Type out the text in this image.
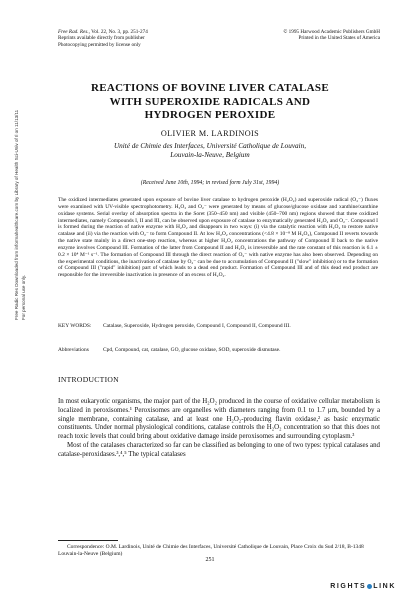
Free Radic Res Downloaded from informahealthcare.com by Library of Health Sci-Univ of Il on 11/13/11 For personal use only.
Free Rad. Res., Vol. 22, No. 3, pp. 251-274
Reprints available directly from publisher
Photocopying permitted by license only
© 1995 Harwood Academic Publishers GmbH
Printed in the United States of America
REACTIONS OF BOVINE LIVER CATALASE
WITH SUPEROXIDE RADICALS AND
HYDROGEN PEROXIDE
OLIVIER M. LARDINOIS
Unité de Chimie des Interfaces, Université Catholique de Louvain,
Louvain-la-Neuve, Belgium
(Received June 10th, 1994; in revised form July 31st, 1994)

The oxidized intermediates generated upon exposure of bovine liver catalase to hydrogen peroxide (H₂O₂) and superoxide radical (O₂⁻) fluxes were examined with UV-visible spectrophotometry. H₂O₂ and O₂⁻ were generated by means of glucose/glucose oxidase and xanthine/xanthine oxidase systems. Serial overlay of absorption spectra in the Soret (350–450 nm) and visible (450–700 nm) regions showed that three oxidized intermediates, namely Compounds I, II and III, can be observed upon exposure of catalase to enzymatically generated H₂O₂ and O₂⁻. Compound I is formed during the reaction of native enzyme with H₂O₂ and disappears in two ways: (i) via the catalytic reaction with H₂O₂ to restore native catalase and (ii) via the reaction with O₂⁻ to form Compound II. At low H₂O₂ concentrations (<4.8 × 10⁻⁸ M H₂O₂), Compound II reverts towards the native state mainly in a direct one-step reaction, whereas at higher H₂O₂ concentrations the pathway of Compound II back to the native enzyme involves Compound III. Formation of the latter from Compound II and H₂O₂ is irreversible and the rate constant of this reaction is 6.1 ± 0.2 × 10⁴ M⁻¹ s⁻¹. The formation of Compound III through the direct reaction of O₂⁻ with native enzyme has also been observed. Depending on the experimental conditions, the inactivation of catalase by O₂⁻ can be due to accumulation of Compound II ("slow" inhibition) or to the formation of Compound III ("rapid" inhibition) part of which leads to a dead end product. Formation of Compound III and of this dead end product are responsible for the irreversible inactivation in presence of an excess of H₂O₂.

KEY WORDS:	Catalase, Superoxide, Hydrogen peroxide, Compound I, Compound II, Compound III.
Abbreviations	Cpd, Compound, cat, catalase, GO, glucose oxidase, SOD, superoxide dismutase.
INTRODUCTION

In most eukaryotic organisms, the major part of the H₂O₂ produced in the course of oxidative cellular metabolism is localized in peroxisomes.¹ Peroxisomes are organelles with diameters ranging from 0.1 to 1.7 μm, bounded by a single membrane, containing catalase, and at least one H₂O₂-producing flavin oxidase,² as basic enzymatic constituents. Under normal physiological conditions, catalase controls the H₂O₂ concentration so that this does not reach toxic levels that could bring about oxidative damage inside peroxisomes and surrounding cytoplasm.³

Most of the catalases characterized so far can be classified as belonging to one of two types: typical catalases and catalase-peroxidases.³,⁴,⁵ The typical catalases

Correspondence: O.M. Lardinois, Unité de Chimie des Interfaces, Université Catholique de Louvain, Place Croix du Sud 2/18, B-1348 Louvain-la-Neuve (Belgium)
251
RIGHTS LINK
